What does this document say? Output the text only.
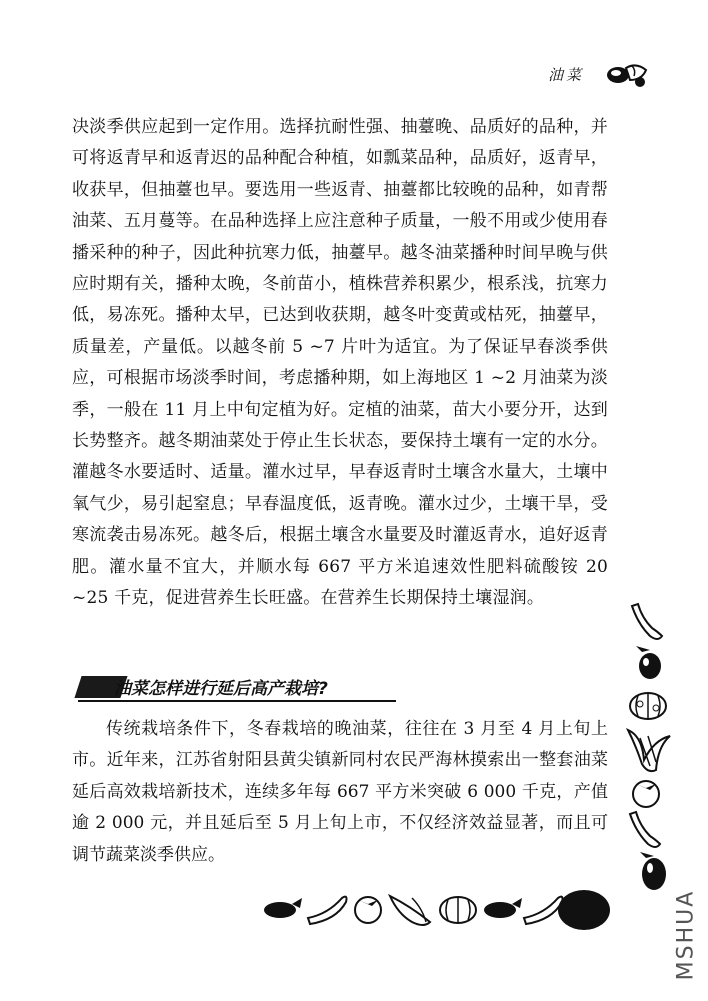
油菜

决淡季供应起到一定作用。选择抗耐性强、抽薹晚、品质好的品种，并可将返青早和返青迟的品种配合种植，如瓢菜品种，品质好，返青早，收获早，但抽薹也早。要选用一些返青、抽薹都比较晚的品种，如青帮油菜、五月蔓等。在品种选择上应注意种子质量，一般不用或少使用春播采种的种子，因此种抗寒力低，抽薹早。越冬油菜播种时间早晚与供应时期有关，播种太晚，冬前苗小，植株营养积累少，根系浅，抗寒力低，易冻死。播种太早，已达到收获期，越冬叶变黄或枯死，抽薹早，质量差，产量低。以越冬前 5 ~7 片叶为适宜。为了保证早春淡季供应，可根据市场淡季时间，考虑播种期，如上海地区 1 ~2 月油菜为淡季，一般在 11 月上中旬定植为好。定植的油菜，苗大小要分开，达到长势整齐。越冬期油菜处于停止生长状态，要保持土壤有一定的水分。灌越冬水要适时、适量。灌水过早，早春返青时土壤含水量大，土壤中氧气少，易引起窒息；早春温度低，返青晚。灌水过少，土壤干旱，受寒流袭击易冻死。越冬后，根据土壤含水量要及时灌返青水，追好返青肥。灌水量不宜大，并顺水每 667 平方米追速效性肥料硫酸铵 20 ~25 千克，促进营养生长旺盛。在营养生长期保持土壤湿润。

油菜怎样进行延后高产栽培?

传统栽培条件下，冬春栽培的晚油菜，往往在 3 月至 4 月上旬上市。近年来，江苏省射阳县黄尖镇新同村农民严海林摸索出一整套油菜延后高效栽培新技术，连续多年每 667 平方米突破 6 000 千克，产值逾 2 000 元，并且延后至 5 月上旬上市，不仅经济效益显著，而且可调节蔬菜淡季供应。

MSHUA
